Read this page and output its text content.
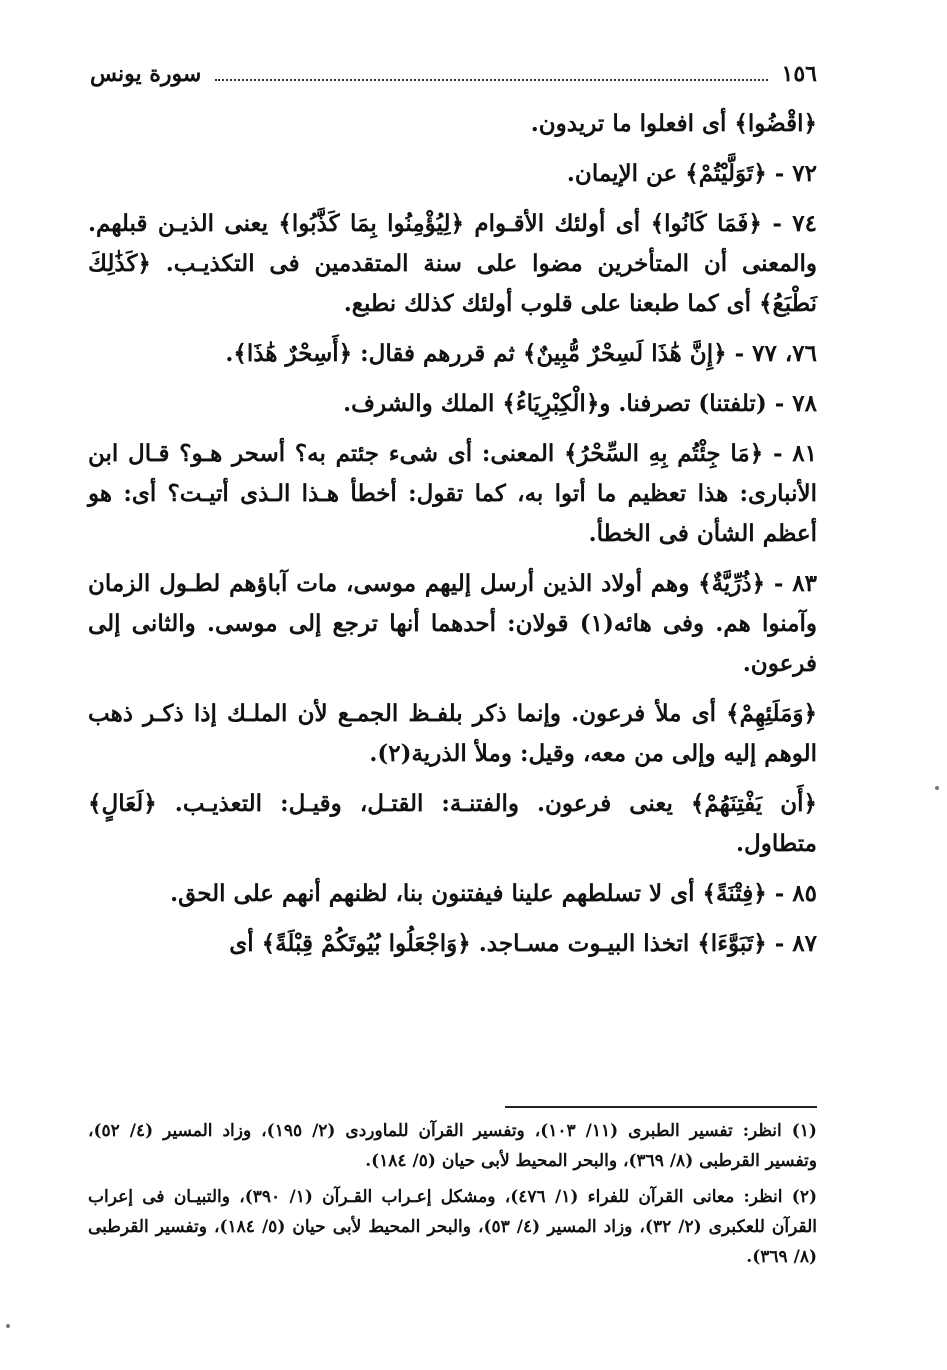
١٥٦
سورة يونس

﴿اقْضُوا﴾ أى افعلوا ما تريدون.

٧٢ - ﴿تَوَلَّيْتُمْ﴾ عن الإيمان.

٧٤ - ﴿فَمَا كَانُوا﴾ أى أولئك الأقـوام ﴿لِيُؤْمِنُوا بِمَا كَذَّبُوا﴾ يعنى الذيـن قبلهم. والمعنى أن المتأخرين مضوا على سنة المتقدمين فى التكذيـب. ﴿كَذَٰلِكَ نَطْبَعُ﴾ أى كما طبعنا على قلوب أولئك كذلك نطبع.

٧٦، ٧٧ - ﴿إِنَّ هَٰذَا لَسِحْرٌ مُّبِينٌ﴾ ثم قررهم فقال: ﴿أَسِحْرٌ هَٰذَا﴾.

٧٨ - (تلفتنا) تصرفنا. و﴿الْكِبْرِيَاءُ﴾ الملك والشرف.

٨١ - ﴿مَا جِئْتُم بِهِ السِّحْرُ﴾ المعنى: أى شىء جئتم به؟ أسحر هـو؟ قـال ابن الأنبارى: هذا تعظيم ما أتوا به، كما تقول: أخطأ هـذا الـذى أتيـت؟ أى: هو أعظم الشأن فى الخطأ.

٨٣ - ﴿ذُرِّيَّةٌ﴾ وهم أولاد الذين أرسل إليهم موسى، مات آباؤهم لطـول الزمان وآمنوا هم. وفى هائه(١) قولان: أحدهما أنها ترجع إلى موسى. والثانى إلى فرعون.

﴿وَمَلَئِهِمْ﴾ أى ملأ فرعون. وإنما ذكر بلفـظ الجمـع لأن الملـك إذا ذكـر ذهب الوهم إليه وإلى من معه، وقيل: وملأ الذرية(٢).

﴿أَن يَفْتِنَهُمْ﴾ يعنى فرعون. والفتنـة: القتـل، وقيـل: التعذيـب. ﴿لَعَالٍ﴾ متطاول.

٨٥ - ﴿فِتْنَةً﴾ أى لا تسلطهم علينا فيفتنون بنا، لظنهم أنهم على الحق.

٨٧ - ﴿تَبَوَّءَا﴾ اتخذا البيـوت مسـاجد. ﴿وَاجْعَلُوا بُيُوتَكُمْ قِبْلَةً﴾ أى

(١) انظر: تفسير الطبرى (١١/ ١٠٣)، وتفسير القرآن للماوردى (٢/ ١٩٥)، وزاد المسير (٤/ ٥٢)، وتفسير القرطبى (٨/ ٣٦٩)، والبحر المحيط لأبى حيان (٥/ ١٨٤).

(٢) انظر: معانى القرآن للفراء (١/ ٤٧٦)، ومشكل إعـراب القـرآن (١/ ٣٩٠)، والتبيـان فى إعراب القرآن للعكبرى (٢/ ٣٢)، وزاد المسير (٤/ ٥٣)، والبحر المحيط لأبى حيان (٥/ ١٨٤)، وتفسير القرطبى (٨/ ٣٦٩).
